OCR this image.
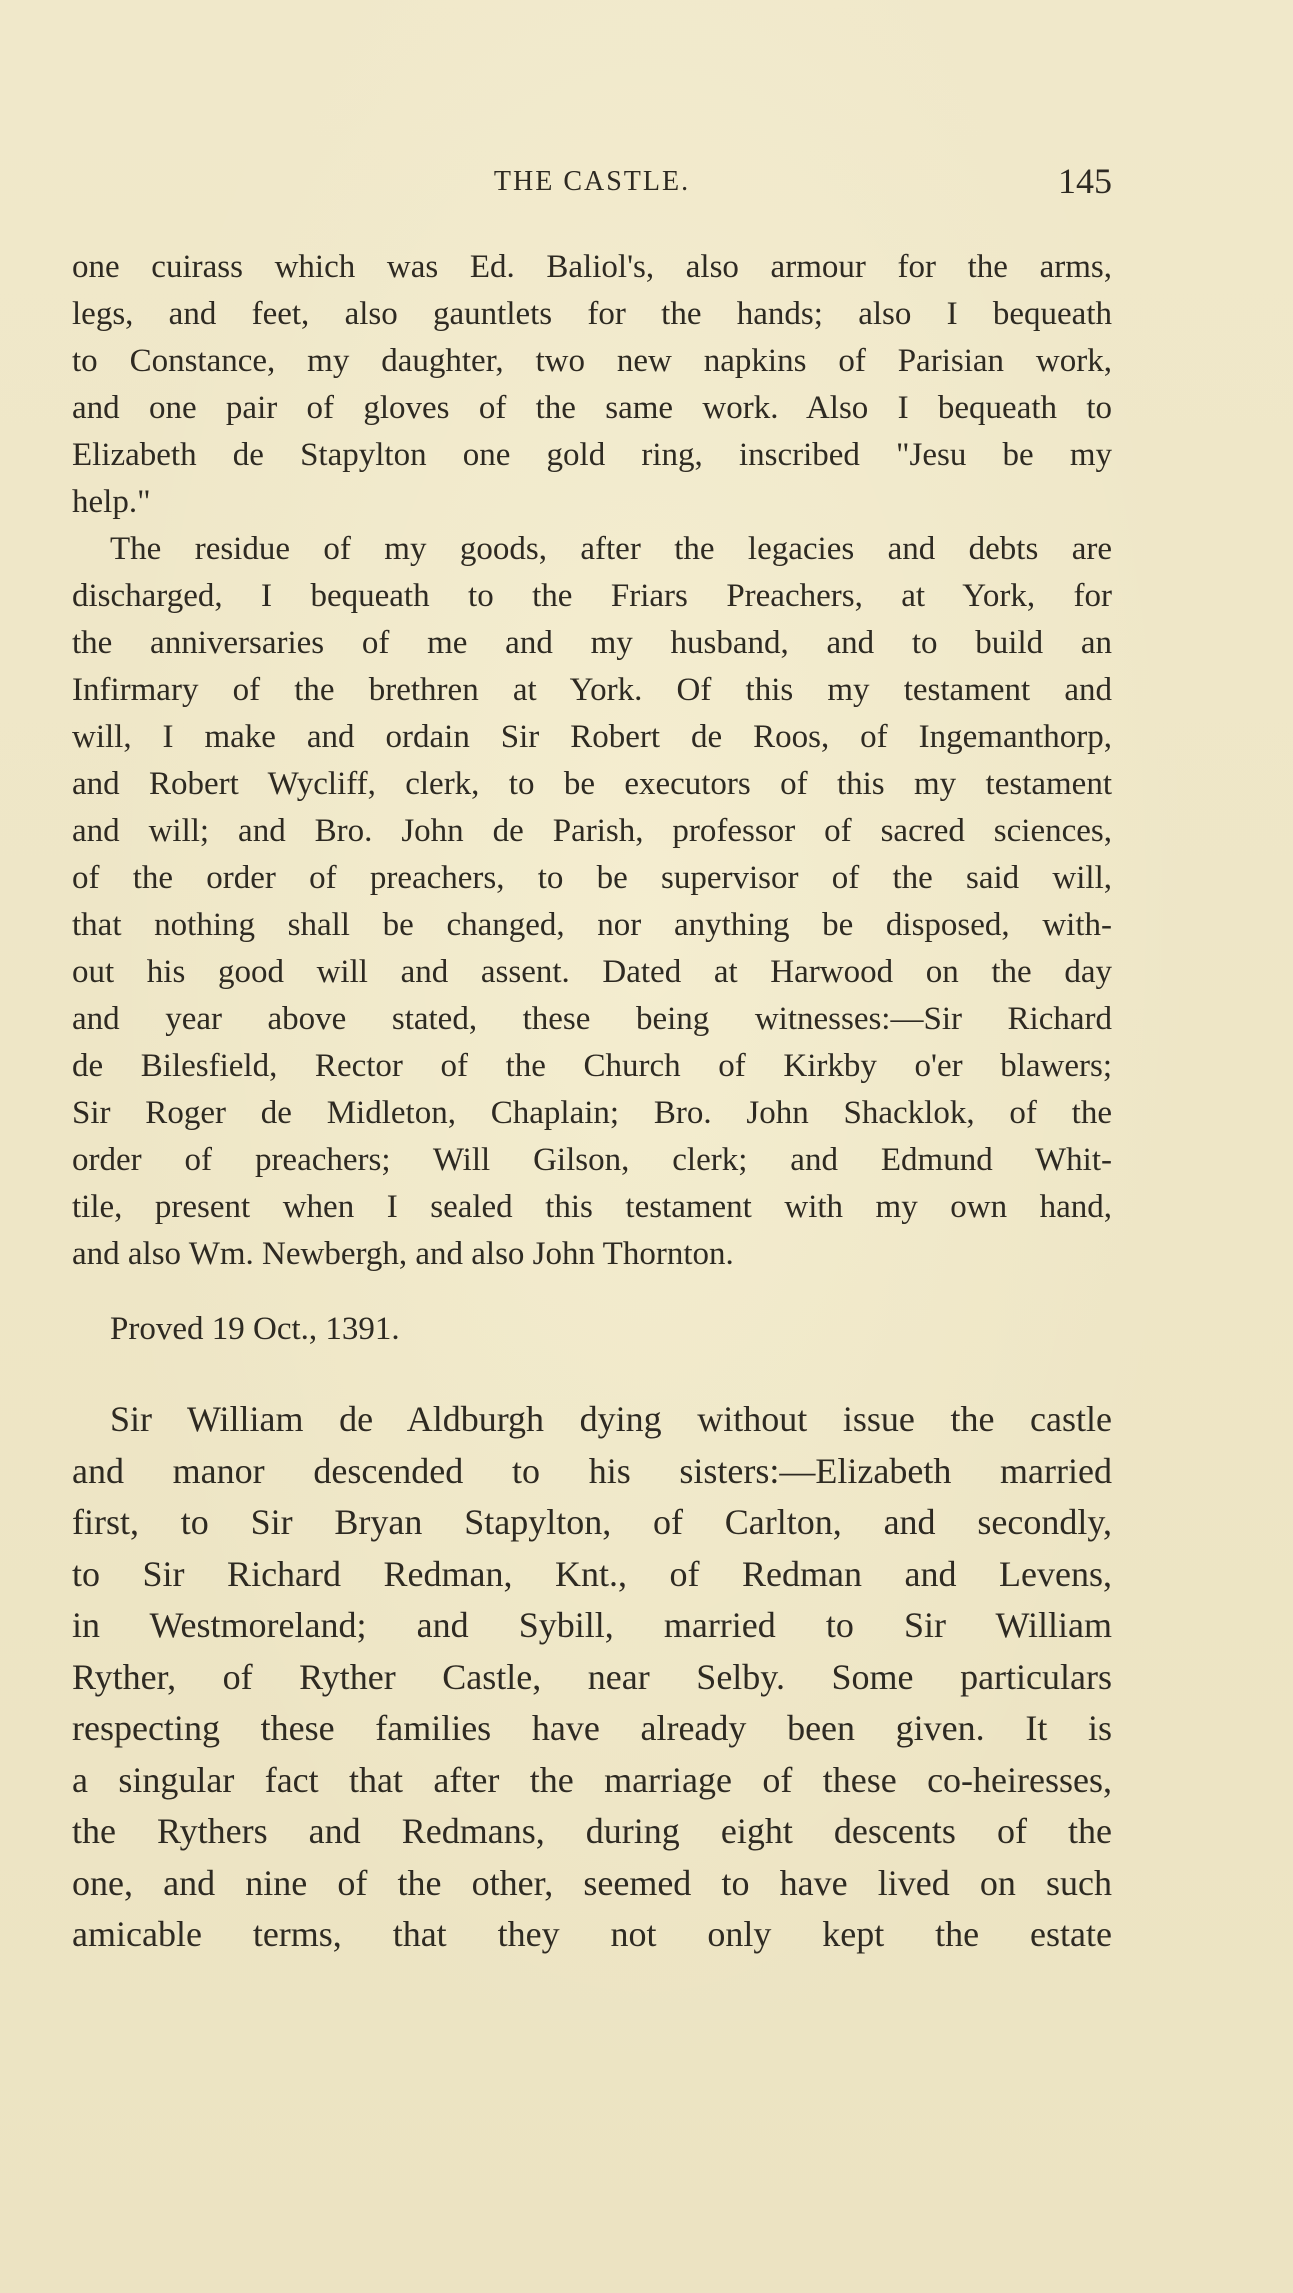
THE CASTLE.	145
one cuirass which was Ed. Baliol's, also armour for the arms,
legs, and feet, also gauntlets for the hands; also I bequeath
to Constance, my daughter, two new napkins of Parisian work,
and one pair of gloves of the same work. Also I bequeath to
Elizabeth de Stapylton one gold ring, inscribed "Jesu be my
help."
The residue of my goods, after the legacies and debts are
discharged, I bequeath to the Friars Preachers, at York, for
the anniversaries of me and my husband, and to build an
Infirmary of the brethren at York. Of this my testament and
will, I make and ordain Sir Robert de Roos, of Ingemanthorp,
and Robert Wycliff, clerk, to be executors of this my testament
and will; and Bro. John de Parish, professor of sacred sciences,
of the order of preachers, to be supervisor of the said will,
that nothing shall be changed, nor anything be disposed, with-
out his good will and assent. Dated at Harwood on the day
and year above stated, these being witnesses:—Sir Richard
de Bilesfield, Rector of the Church of Kirkby o'er blawers;
Sir Roger de Midleton, Chaplain; Bro. John Shacklok, of the
order of preachers; Will Gilson, clerk; and Edmund Whit-
tile, present when I sealed this testament with my own hand,
and also Wm. Newbergh, and also John Thornton.
Proved 19 Oct., 1391.
Sir William de Aldburgh dying without issue the castle
and manor descended to his sisters:—Elizabeth married
first, to Sir Bryan Stapylton, of Carlton, and secondly,
to Sir Richard Redman, Knt., of Redman and Levens,
in Westmoreland; and Sybill, married to Sir William
Ryther, of Ryther Castle, near Selby. Some particulars
respecting these families have already been given. It is
a singular fact that after the marriage of these co-heiresses,
the Rythers and Redmans, during eight descents of the
one, and nine of the other, seemed to have lived on such
amicable terms, that they not only kept the estate
